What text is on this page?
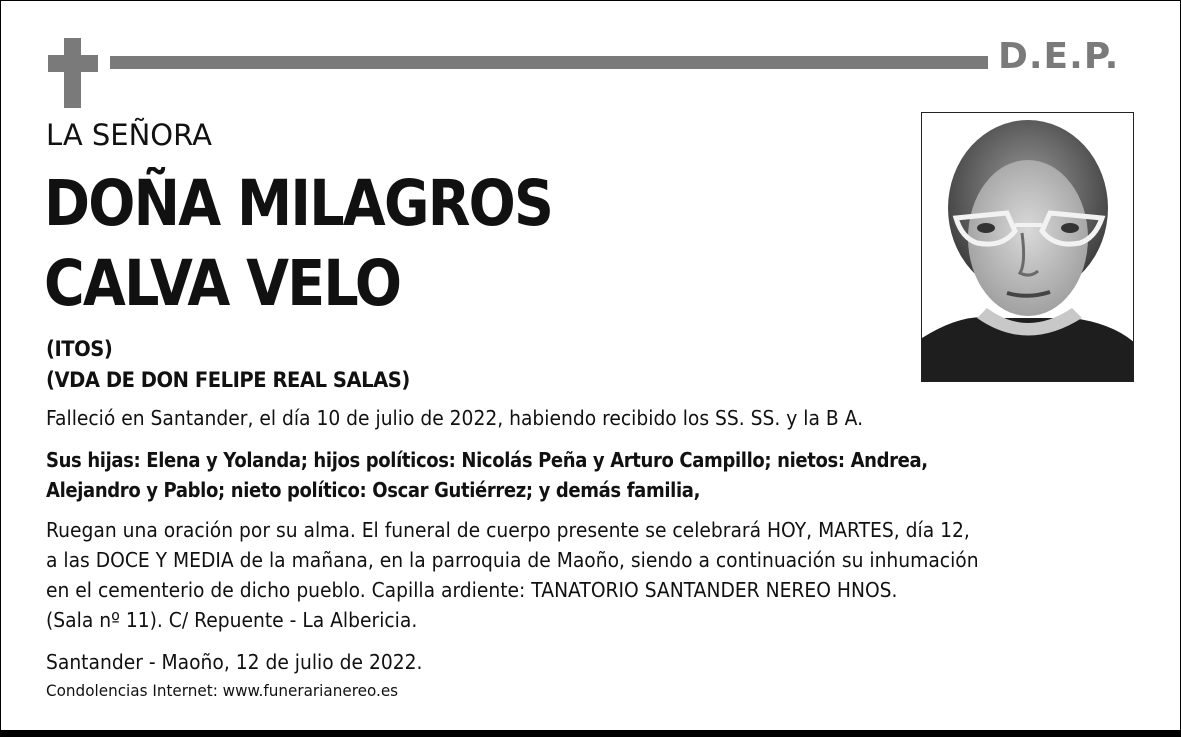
D.E.P.
LA SEÑORA
DOÑA MILAGROS
CALVA VELO
(ITOS)
(VDA DE DON FELIPE REAL SALAS)
Falleció en Santander, el día 10 de julio de 2022, habiendo recibido los SS. SS. y la B A.
Sus hijas: Elena y Yolanda; hijos políticos: Nicolás Peña y Arturo Campillo; nietos: Andrea,
Alejandro y Pablo; nieto político: Oscar Gutiérrez; y demás familia,
Ruegan una oración por su alma. El funeral de cuerpo presente se celebrará HOY, MARTES, día 12,
a las DOCE Y MEDIA de la mañana, en la parroquia de Maoño, siendo a continuación su inhumación
en el cementerio de dicho pueblo. Capilla ardiente: TANATORIO SANTANDER NEREO HNOS.
(Sala nº 11). C/ Repuente - La Albericia.
Santander - Maoño, 12 de julio de 2022.
Condolencias Internet: www.funerarianereo.es
